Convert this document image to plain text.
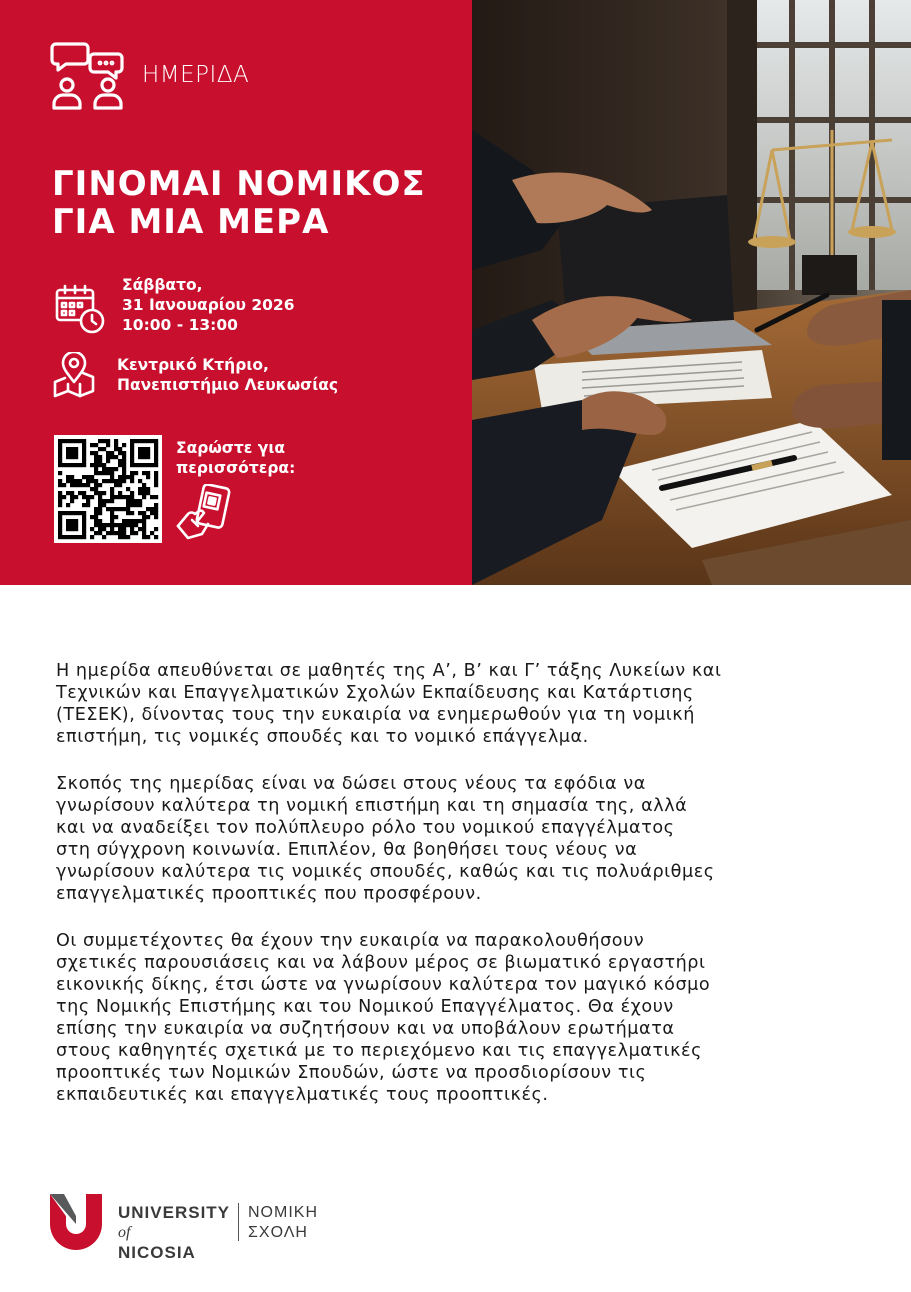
ΗΜΕΡΙΔΑ
ΓΙΝΟΜΑΙ ΝΟΜΙΚΟΣ
ΓΙΑ ΜΙΑ ΜΕΡΑ
Σάββατο,
31 Ιανουαρίου 2026
10:00 - 13:00
Κεντρικό Κτήριο,
Πανεπιστήμιο Λευκωσίας
Σαρώστε για
περισσότερα:

Η ημερίδα απευθύνεται σε μαθητές της Α’, Β’ και Γ’ τάξης Λυκείων και
Τεχνικών και Επαγγελματικών Σχολών Εκπαίδευσης και Κατάρτισης
(ΤΕΣΕΚ), δίνοντας τους την ευκαιρία να ενημερωθούν για τη νομική
επιστήμη, τις νομικές σπουδές και το νομικό επάγγελμα.

Σκοπός της ημερίδας είναι να δώσει στους νέους τα εφόδια να
γνωρίσουν καλύτερα τη νομική επιστήμη και τη σημασία της, αλλά
και να αναδείξει τον πολύπλευρο ρόλο του νομικού επαγγέλματος
στη σύγχρονη κοινωνία. Επιπλέον, θα βοηθήσει τους νέους να
γνωρίσουν καλύτερα τις νομικές σπουδές, καθώς και τις πολυάριθμες
επαγγελματικές προοπτικές που προσφέρουν.

Οι συμμετέχοντες θα έχουν την ευκαιρία να παρακολουθήσουν
σχετικές παρουσιάσεις και να λάβουν μέρος σε βιωματικό εργαστήρι
εικονικής δίκης, έτσι ώστε να γνωρίσουν καλύτερα τον μαγικό κόσμο
της Νομικής Επιστήμης και του Νομικού Επαγγέλματος. Θα έχουν
επίσης την ευκαιρία να συζητήσουν και να υποβάλουν ερωτήματα
στους καθηγητές σχετικά με το περιεχόμενο και τις επαγγελματικές
προοπτικές των Νομικών Σπουδών, ώστε να προσδιορίσουν τις
εκπαιδευτικές και επαγγελματικές τους προοπτικές.

UNIVERSITY
of
NICOSIA
ΝΟΜΙΚΗ
ΣΧΟΛΗ
